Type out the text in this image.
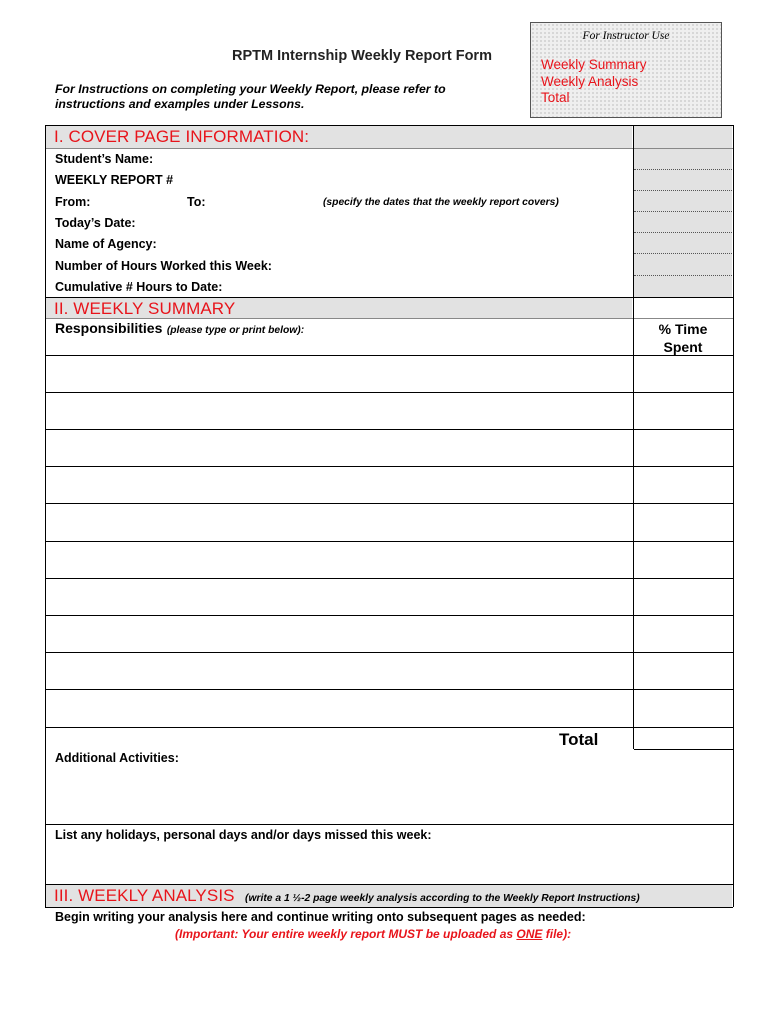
For Instructor Use
Weekly Summary
Weekly Analysis
Total
RPTM Internship Weekly Report Form
For Instructions on completing your Weekly Report, please refer to instructions and examples under Lessons.
I. COVER PAGE INFORMATION:
Student’s Name:
WEEKLY REPORT #
From:	To:	(specify the dates that the weekly report covers)
Today’s Date:
Name of Agency:
Number of Hours Worked this Week:
Cumulative # Hours to Date:
II. WEEKLY SUMMARY
Responsibilities (please type or print below):	% Time
Spent
Total
Additional Activities:
List any holidays, personal days and/or days missed this week:
III. WEEKLY ANALYSIS (write a 1 ½-2 page weekly analysis according to the Weekly Report Instructions)
Begin writing your analysis here and continue writing onto subsequent pages as needed:
(Important: Your entire weekly report MUST be uploaded as ONE file):
